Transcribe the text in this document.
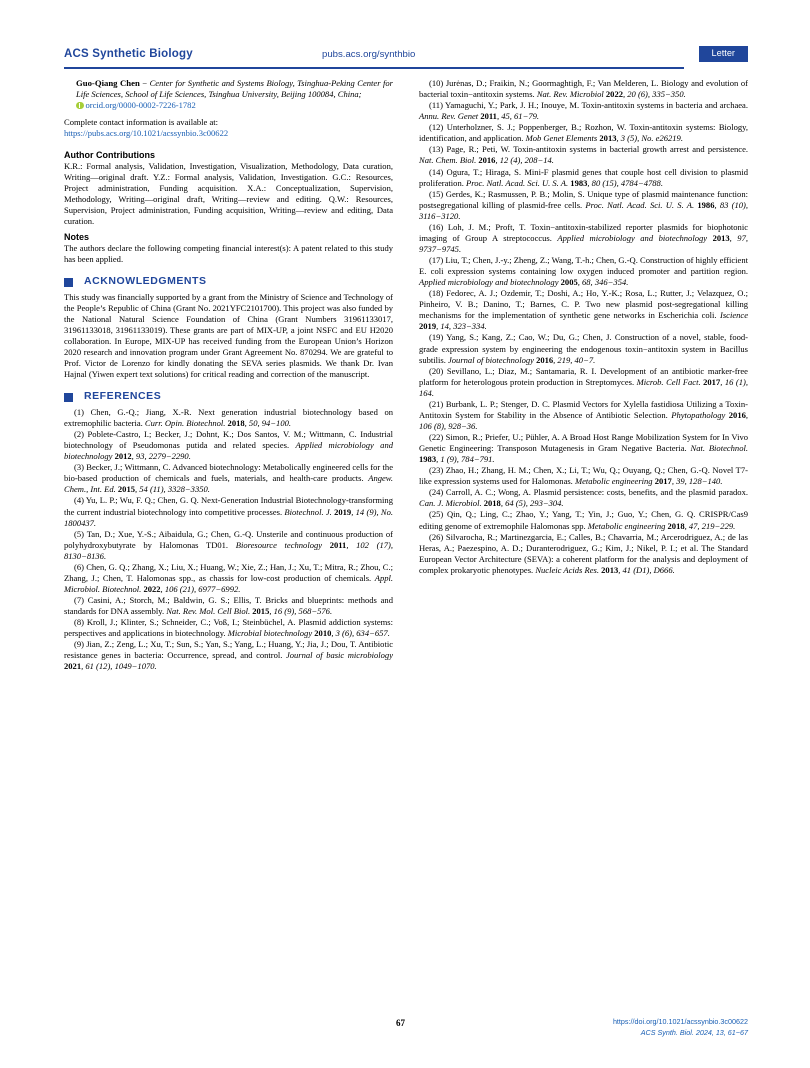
ACS Synthetic Biology	pubs.acs.org/synthbio	Letter

Guo-Qiang Chen − Center for Synthetic and Systems Biology, Tsinghua-Peking Center for Life Sciences, School of Life Sciences, Tsinghua University, Beijing 100084, China;

orcid.org/0000-0002-7226-1782

Complete contact information is available at:

https://pubs.acs.org/10.1021/acssynbio.3c00622

Author Contributions

K.R.: Formal analysis, Validation, Investigation, Visualization, Methodology, Data curation, Writing—original draft. Y.Z.: Formal analysis, Validation, Investigation. G.C.: Resources, Project administration, Funding acquisition. X.A.: Conceptualization, Supervision, Methodology, Writing—original draft, Writing—review and editing. Q.W.: Resources, Supervision, Project administration, Funding acquisition, Writing—review and editing, Data curation.

Notes

The authors declare the following competing financial interest(s): A patent related to this study has been applied.

ACKNOWLEDGMENTS

This study was financially supported by a grant from the Ministry of Science and Technology of the People’s Republic of China (Grant No. 2021YFC2101700). This project was also funded by the National Natural Science Foundation of China (Grant Numbers 31961133017, 31961133018, 31961133019). These grants are part of MIX-UP, a joint NSFC and EU H2020 collaboration. In Europe, MIX-UP has received funding from the European Union’s Horizon 2020 research and innovation program under Grant Agreement No. 870294. We are grateful to Prof. Victor de Lorenzo for kindly donating the SEVA series plasmids. We thank Dr. Ivan Hajnal (Yiwen expert text solutions) for critical reading and correction of the manuscript.

REFERENCES

(1) Chen, G.-Q.; Jiang, X.-R. Next generation industrial biotechnology based on extremophilic bacteria. Curr. Opin. Biotechnol. 2018, 50, 94−100.

(2) Poblete-Castro, I.; Becker, J.; Dohnt, K.; Dos Santos, V. M.; Wittmann, C. Industrial biotechnology of Pseudomonas putida and related species. Applied microbiology and biotechnology 2012, 93, 2279−2290.

(3) Becker, J.; Wittmann, C. Advanced biotechnology: Metabolically engineered cells for the bio-based production of chemicals and fuels, materials, and health-care products. Angew. Chem., Int. Ed. 2015, 54 (11), 3328−3350.

(4) Yu, L. P.; Wu, F. Q.; Chen, G. Q. Next-Generation Industrial Biotechnology-transforming the current industrial biotechnology into competitive processes. Biotechnol. J. 2019, 14 (9), No. 1800437.

(5) Tan, D.; Xue, Y.-S.; Aibaidula, G.; Chen, G.-Q. Unsterile and continuous production of polyhydroxybutyrate by Halomonas TD01. Bioresource technology 2011, 102 (17), 8130−8136.

(6) Chen, G. Q.; Zhang, X.; Liu, X.; Huang, W.; Xie, Z.; Han, J.; Xu, T.; Mitra, R.; Zhou, C.; Zhang, J.; Chen, T. Halomonas spp., as chassis for low-cost production of chemicals. Appl. Microbiol. Biotechnol. 2022, 106 (21), 6977−6992.

(7) Casini, A.; Storch, M.; Baldwin, G. S.; Ellis, T. Bricks and blueprints: methods and standards for DNA assembly. Nat. Rev. Mol. Cell Biol. 2015, 16 (9), 568−576.

(8) Kroll, J.; Klinter, S.; Schneider, C.; Voß, I.; Steinbüchel, A. Plasmid addiction systems: perspectives and applications in biotechnology. Microbial biotechnology 2010, 3 (6), 634−657.

(9) Jian, Z.; Zeng, L.; Xu, T.; Sun, S.; Yan, S.; Yang, L.; Huang, Y.; Jia, J.; Dou, T. Antibiotic resistance genes in bacteria: Occurrence, spread, and control. Journal of basic microbiology 2021, 61 (12), 1049−1070.

(10) Jurėnas, D.; Fraikin, N.; Goormaghtigh, F.; Van Melderen, L. Biology and evolution of bacterial toxin−antitoxin systems. Nat. Rev. Microbiol 2022, 20 (6), 335−350.

(11) Yamaguchi, Y.; Park, J. H.; Inouye, M. Toxin-antitoxin systems in bacteria and archaea. Annu. Rev. Genet 2011, 45, 61−79.

(12) Unterholzner, S. J.; Poppenberger, B.; Rozhon, W. Toxin-antitoxin systems: Biology, identification, and application. Mob Genet Elements 2013, 3 (5), No. e26219.

(13) Page, R.; Peti, W. Toxin-antitoxin systems in bacterial growth arrest and persistence. Nat. Chem. Biol. 2016, 12 (4), 208−14.

(14) Ogura, T.; Hiraga, S. Mini-F plasmid genes that couple host cell division to plasmid proliferation. Proc. Natl. Acad. Sci. U. S. A. 1983, 80 (15), 4784−4788.

(15) Gerdes, K.; Rasmussen, P. B.; Molin, S. Unique type of plasmid maintenance function: postsegregational killing of plasmid-free cells. Proc. Natl. Acad. Sci. U. S. A. 1986, 83 (10), 3116−3120.

(16) Loh, J. M.; Proft, T. Toxin−antitoxin-stabilized reporter plasmids for biophotonic imaging of Group A streptococcus. Applied microbiology and biotechnology 2013, 97, 9737−9745.

(17) Liu, T.; Chen, J.-y.; Zheng, Z.; Wang, T.-h.; Chen, G.-Q. Construction of highly efficient E. coli expression systems containing low oxygen induced promoter and partition region. Applied microbiology and biotechnology 2005, 68, 346−354.

(18) Fedorec, A. J.; Ozdemir, T.; Doshi, A.; Ho, Y.-K.; Rosa, L.; Rutter, J.; Velazquez, O.; Pinheiro, V. B.; Danino, T.; Barnes, C. P. Two new plasmid post-segregational killing mechanisms for the implementation of synthetic gene networks in Escherichia coli. Iscience 2019, 14, 323−334.

(19) Yang, S.; Kang, Z.; Cao, W.; Du, G.; Chen, J. Construction of a novel, stable, food-grade expression system by engineering the endogenous toxin−antitoxin system in Bacillus subtilis. Journal of biotechnology 2016, 219, 40−7.

(20) Sevillano, L.; Diaz, M.; Santamaria, R. I. Development of an antibiotic marker-free platform for heterologous protein production in Streptomyces. Microb. Cell Fact. 2017, 16 (1), 164.

(21) Burbank, L. P.; Stenger, D. C. Plasmid Vectors for Xylella fastidiosa Utilizing a Toxin-Antitoxin System for Stability in the Absence of Antibiotic Selection. Phytopathology 2016, 106 (8), 928−36.

(22) Simon, R.; Priefer, U.; Pühler, A. A Broad Host Range Mobilization System for In Vivo Genetic Engineering: Transposon Mutagenesis in Gram Negative Bacteria. Nat. Biotechnol. 1983, 1 (9), 784−791.

(23) Zhao, H.; Zhang, H. M.; Chen, X.; Li, T.; Wu, Q.; Ouyang, Q.; Chen, G.-Q. Novel T7-like expression systems used for Halomonas. Metabolic engineering 2017, 39, 128−140.

(24) Carroll, A. C.; Wong, A. Plasmid persistence: costs, benefits, and the plasmid paradox. Can. J. Microbiol. 2018, 64 (5), 293−304.

(25) Qin, Q.; Ling, C.; Zhao, Y.; Yang, T.; Yin, J.; Guo, Y.; Chen, G. Q. CRISPR/Cas9 editing genome of extremophile Halomonas spp. Metabolic engineering 2018, 47, 219−229.

(26) Silvarocha, R.; Martinezgarcia, E.; Calles, B.; Chavarria, M.; Arcerodriguez, A.; de las Heras, A.; Paezespino, A. D.; Duranterodriguez, G.; Kim, J.; Nikel, P. I.; et al. The Standard European Vector Architecture (SEVA): a coherent platform for the analysis and deployment of complex prokaryotic phenotypes. Nucleic Acids Res. 2013, 41 (D1), D666.

67	https://doi.org/10.1021/acssynbio.3c00622
ACS Synth. Biol. 2024, 13, 61−67
